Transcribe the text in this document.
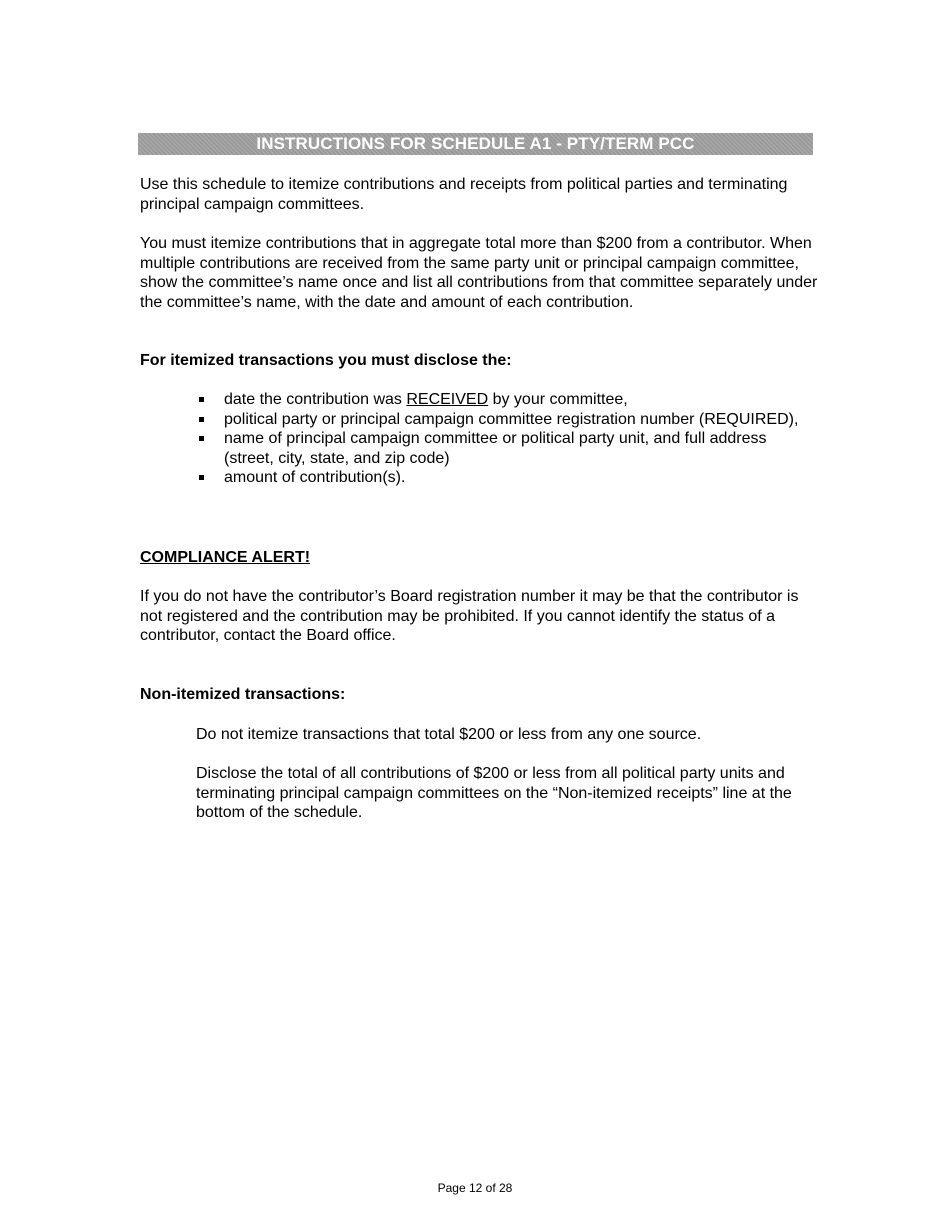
INSTRUCTIONS FOR SCHEDULE A1 - PTY/TERM PCC

Use this schedule to itemize contributions and receipts from political parties and terminating principal campaign committees.

You must itemize contributions that in aggregate total more than $200 from a contributor. When multiple contributions are received from the same party unit or principal campaign committee, show the committee’s name once and list all contributions from that committee separately under the committee’s name, with the date and amount of each contribution.

For itemized transactions you must disclose the:

date the contribution was RECEIVED by your committee,
political party or principal campaign committee registration number (REQUIRED),
name of principal campaign committee or political party unit, and full address (street, city, state, and zip code)
amount of contribution(s).

COMPLIANCE ALERT!

If you do not have the contributor’s Board registration number it may be that the contributor is not registered and the contribution may be prohibited. If you cannot identify the status of a contributor, contact the Board office.

Non-itemized transactions:

Do not itemize transactions that total $200 or less from any one source.

Disclose the total of all contributions of $200 or less from all political party units and terminating principal campaign committees on the “Non-itemized receipts” line at the bottom of the schedule.

Page 12 of 28
